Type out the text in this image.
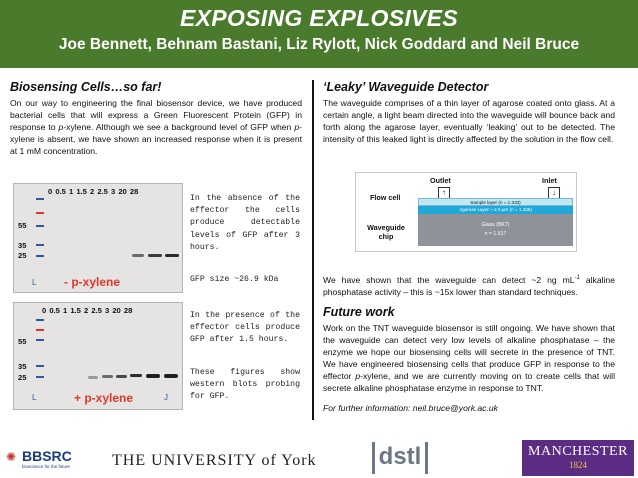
EXPOSING EXPLOSIVES
Joe Bennett, Behnam Bastani, Liz Rylott, Nick Goddard and Neil Bruce
Biosensing Cells…so far!

On our way to engineering the final biosensor device, we have produced bacterial cells that will express a Green Fluorescent Protein (GFP) in response to p-xylene. Although we see a background level of GFP when p-xylene is absent, we have shown an increased response when it is present at 1 mM concentration.

0 0.5 1 1.5 2 2.5 3 20 28
55
35
25
L - p-xylene
0 0.5 1 1.5 2 2.5 3 20 28
55
35
25
L	+ p-xylene	J
In the absence of the effector the cells produce detectable levels of GFP after 3 hours.
GFP size ~26.9 kDa
In the presence of the effector cells produce GFP after 1.5 hours.
These figures show western blots probing for GFP.
‘Leaky’ Waveguide Detector

The waveguide comprises of a thin layer of agarose coated onto glass. At a certain angle, a light beam directed into the waveguide will bounce back and forth along the agarose layer, eventually ‘leaking’ out to be detected. The intensity of this leaked light is directly affected by the solution in the flow cell.

Outlet	Inlet
↑	↓
Flow cell
Waveguide chip
Sample layer (n = 1.333)
Agarose Layer ~ 2.5 µm (n = 1.335)
Glass (BK7)
n = 1.517

We have shown that the waveguide can detect ~2 ng $mL^{-1}$ alkaline phosphatase activity – this is ~15x lower than standard techniques.

Future work

Work on the TNT waveguide biosensor is still ongoing. We have shown that the waveguide can detect very low levels of alkaline phosphatase – the enzyme we hope our biosensing cells will secrete in the presence of TNT. We have engineered biosensing cells that produce GFP in response to the effector p-xylene, and we are currently moving on to create cells that will secrete alkaline phosphatase enzyme in response to TNT.

For further information: neil.bruce@york.ac.uk

✺ BBSRC
bioscience for the future	THE UNIVERSITY of York	dstl	MANCHESTER
1824
